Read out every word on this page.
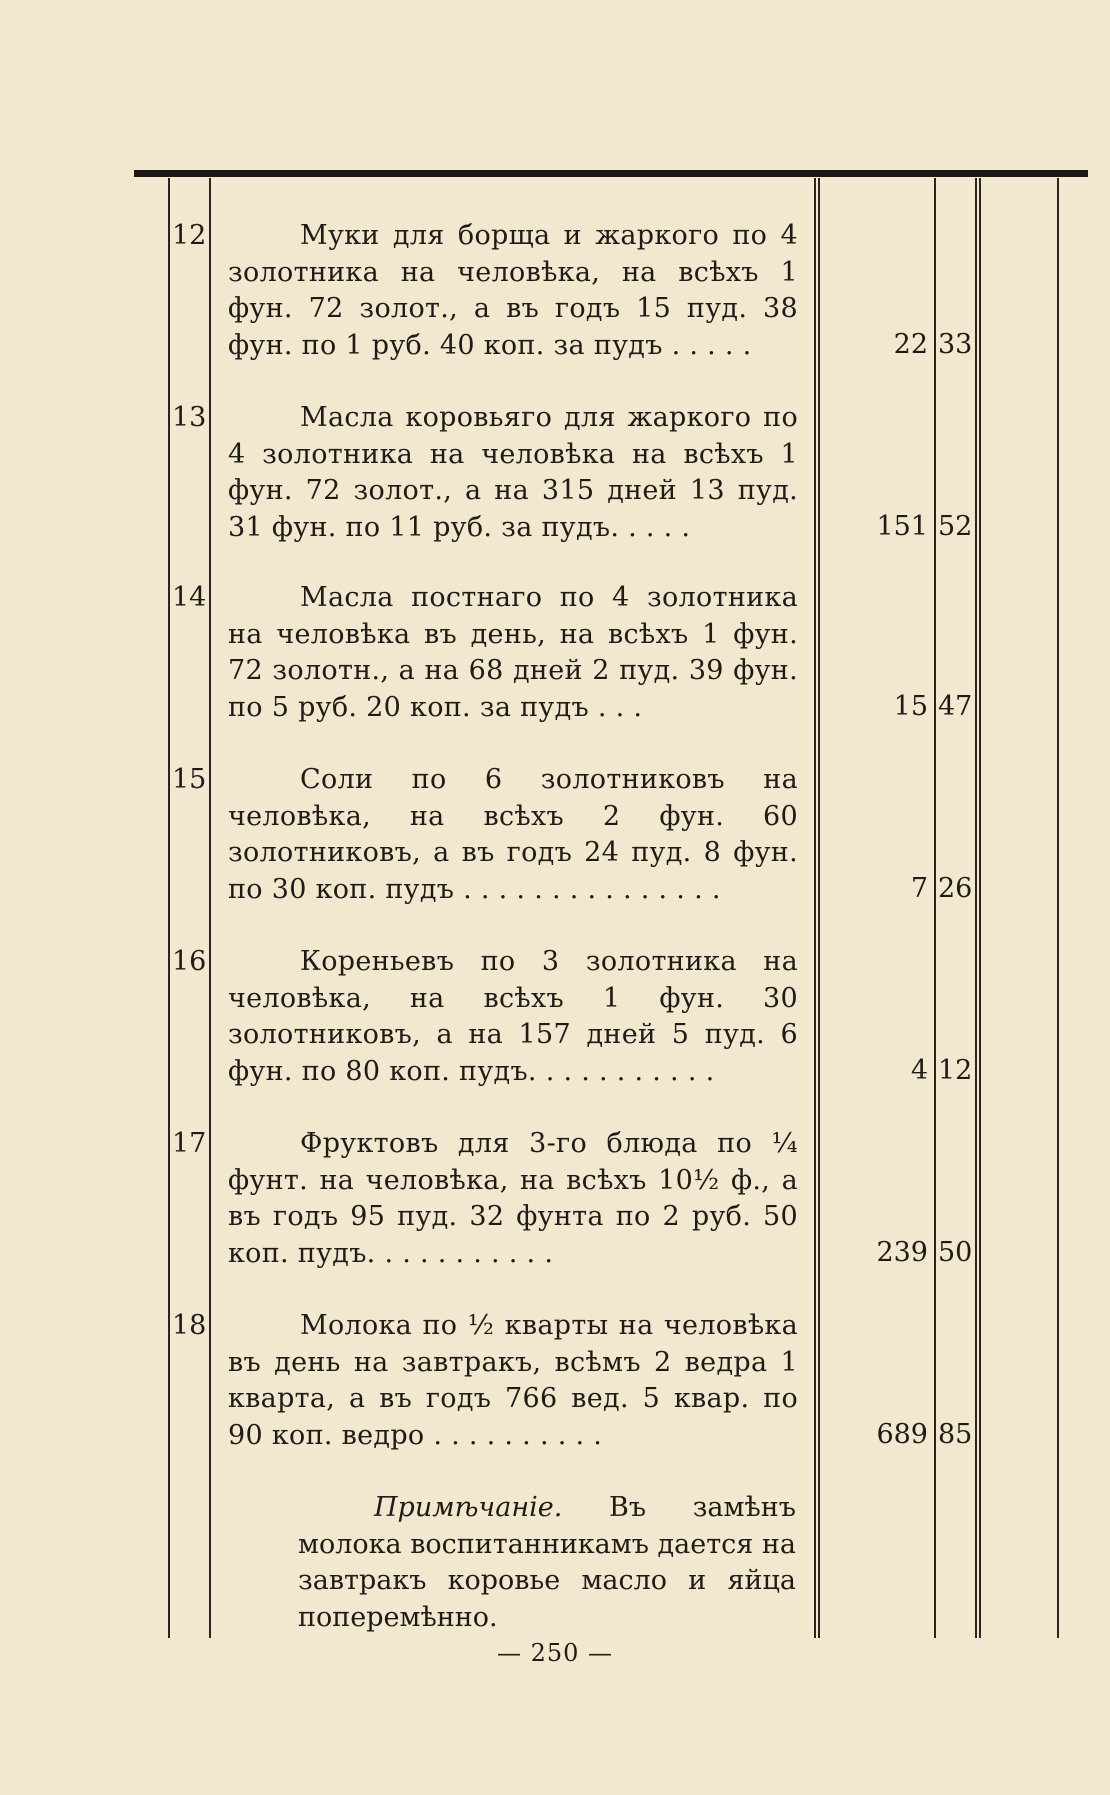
12	Муки для борща и жаркого по 4 золотника на человѣка, на всѣхъ 1 фун. 72 золот., а въ годъ 15 пуд. 38 фун. по 1 руб. 40 коп. за пудъ . . . . .	22 33
13	Масла коровьяго для жаркого по 4 золотника на человѣка на всѣхъ 1 фун. 72 золот., а на 315 дней 13 пуд. 31 фун. по 11 руб. за пудъ. . . . .	151 52
14	Масла постнаго по 4 золотника на человѣка въ день, на всѣхъ 1 фун. 72 золотн., а на 68 дней 2 пуд. 39 фун. по 5 руб. 20 коп. за пудъ . . .	15 47
15	Соли по 6 золотниковъ на человѣка, на всѣхъ 2 фун. 60 золотниковъ, а въ годъ 24 пуд. 8 фун. по 30 коп. пудъ . . . . . . . . . . . . . . .	7 26
16	Кореньевъ по 3 золотника на человѣка, на всѣхъ 1 фун. 30 золотниковъ, а на 157 дней 5 пуд. 6 фун. по 80 коп. пудъ. . . . . . . . . . .	4 12
17	Фруктовъ для 3-го блюда по ¼ фунт. на человѣка, на всѣхъ 10½ ф., а въ годъ 95 пуд. 32 фунта по 2 руб. 50 коп. пудъ. . . . . . . . . . .	239 50
18	Молока по ½ кварты на человѣка въ день на завтракъ, всѣмъ 2 ведра 1 кварта, а въ годъ 766 вед. 5 квар. по 90 коп. ведро . . . . . . . . . .	689 85
Примѣчаніе. Въ замѣнъ молока воспитанникамъ дается на завтракъ коровье масло и яйца поперемѣнно.
— 250 —
